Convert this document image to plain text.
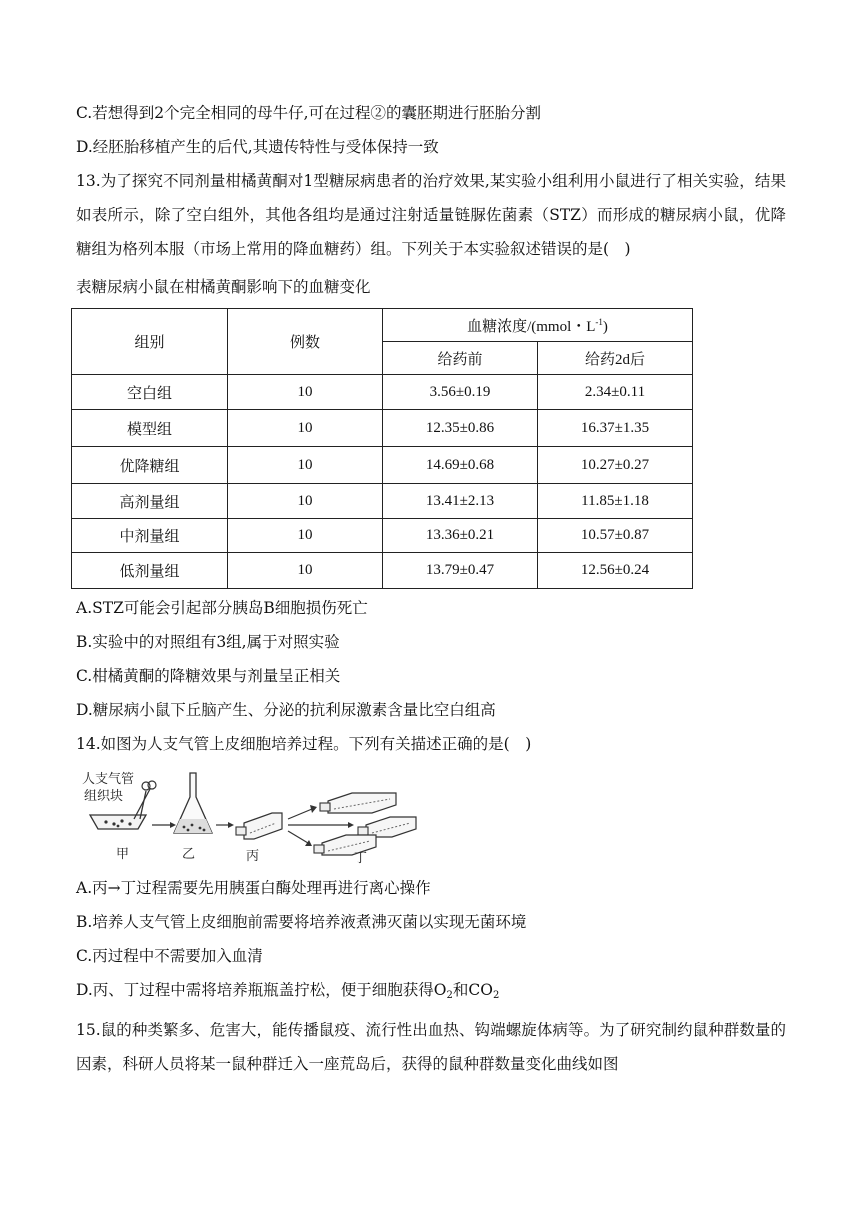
C.若想得到2个完全相同的母牛仔,可在过程②的囊胚期进行胚胎分割
D.经胚胎移植产生的后代,其遗传特性与受体保持一致
13.为了探究不同剂量柑橘黄酮对1型糖尿病患者的治疗效果,某实验小组利用小鼠进行了相关实验，结果如表所示，除了空白组外，其他各组均是通过注射适量链脲佐菌素（STZ）而形成的糖尿病小鼠，优降糖组为格列本服（市场上常用的降血糖药）组。下列关于本实验叙述错误的是(　)
表糖尿病小鼠在柑橘黄酮影响下的血糖变化
组别	例数	血糖浓度/(mmol・$L^{-1}$)	
		给药前	给药2d后
空白组	10	3.56±0.19	2.34±0.11
模型组	10	12.35±0.86	16.37±1.35
优降糖组	10	14.69±0.68	10.27±0.27
高剂量组	10	13.41±2.13	11.85±1.18
中剂量组	10	13.36±0.21	10.57±0.87
低剂量组	10	13.79±0.47	12.56±0.24
A.STZ可能会引起部分胰岛B细胞损伤死亡
B.实验中的对照组有3组,属于对照实验
C.柑橘黄酮的降糖效果与剂量呈正相关
D.糖尿病小鼠下丘脑产生、分泌的抗利尿激素含量比空白组高
14.如图为人支气管上皮细胞培养过程。下列有关描述正确的是(　)
人支气管
组织块
甲	乙	丙	丁
A.丙→丁过程需要先用胰蛋白酶处理再进行离心操作
B.培养人支气管上皮细胞前需要将培养液煮沸灭菌以实现无菌环境
C.丙过程中不需要加入血清
D.丙、丁过程中需将培养瓶瓶盖拧松，便于细胞获得$O_2$和$CO_2$
15.鼠的种类繁多、危害大，能传播鼠疫、流行性出血热、钩端螺旋体病等。为了研究制约鼠种群数量的因素，科研人员将某一鼠种群迁入一座荒岛后，获得的鼠种群数量变化曲线如图
